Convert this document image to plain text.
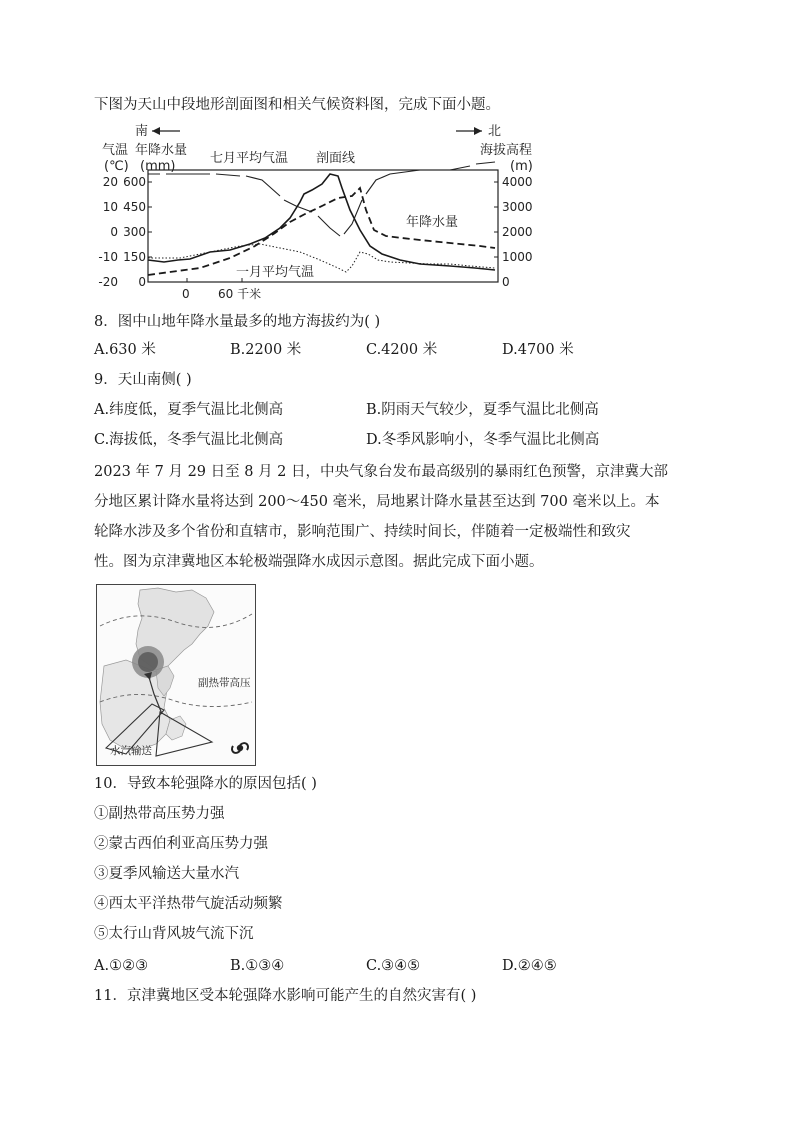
下图为天山中段地形剖面图和相关气候资料图，完成下面小题。
南	北
气温 年降水量
(℃) (mm)
海拔高程
(m)
七月平均气温 剖面线
年降水量
一月平均气温
20
10
0
-10
-20
600
450
300
150
0
4000
3000
2000
1000
0
0 60 千米
8．图中山地年降水量最多的地方海拔约为( )
A.630 米	B.2200 米	C.4200 米	D.4700 米
9．天山南侧( )
A.纬度低，夏季气温比北侧高	B.阴雨天气较少，夏季气温比北侧高
C.海拔低，冬季气温比北侧高	D.冬季风影响小，冬季气温比北侧高
2023 年 7 月 29 日至 8 月 2 日，中央气象台发布最高级别的暴雨红色预警，京津冀大部
分地区累计降水量将达到 200～450 毫米，局地累计降水量甚至达到 700 毫米以上。本
轮降水涉及多个省份和直辖市，影响范围广、持续时间长，伴随着一定极端性和致灾
性。图为京津冀地区本轮极端强降水成因示意图。据此完成下面小题。
副热带高压
水汽输送
10．导致本轮强降水的原因包括( )
①副热带高压势力强
②蒙古西伯利亚高压势力强
③夏季风输送大量水汽
④西太平洋热带气旋活动频繁
⑤太行山背风坡气流下沉
A.①②③	B.①③④	C.③④⑤	D.②④⑤
11．京津冀地区受本轮强降水影响可能产生的自然灾害有( )
